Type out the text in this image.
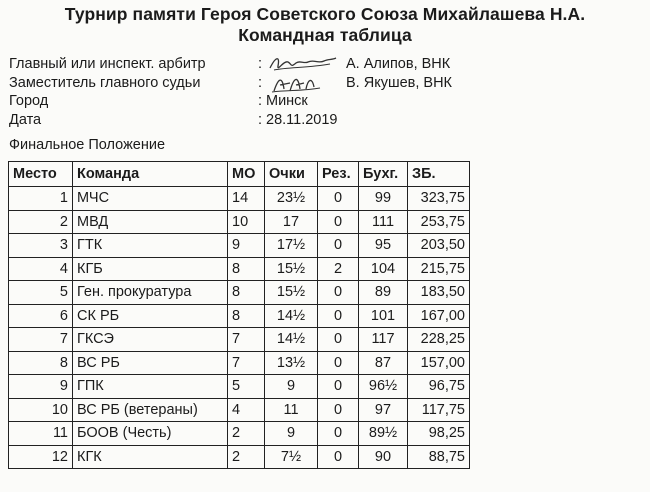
Турнир памяти Героя Советского Союза Михайлашева Н.А.
Командная таблица
Главный или инспект. арбитр	:	А. Алипов, ВНК
Заместитель главного судьи	:	В. Якушев, ВНК
Город	: Минск
Дата	: 28.11.2019
Финальное Положение
Место	Команда	МО	Очки	Рез.	Бухг.	ЗБ.
1	МЧС	14	23½	0	99	323,75
2	МВД	10	17	0	111	253,75
3	ГТК	9	17½	0	95	203,50
4	КГБ	8	15½	2	104	215,75
5	Ген. прокуратура	8	15½	0	89	183,50
6	СК РБ	8	14½	0	101	167,00
7	ГКСЭ	7	14½	0	117	228,25
8	ВС РБ	7	13½	0	87	157,00
9	ГПК	5	9	0	96½	96,75
10	ВС РБ (ветераны)	4	11	0	97	117,75
11	БООВ (Честь)	2	9	0	89½	98,25
12	КГК	2	7½	0	90	88,75
